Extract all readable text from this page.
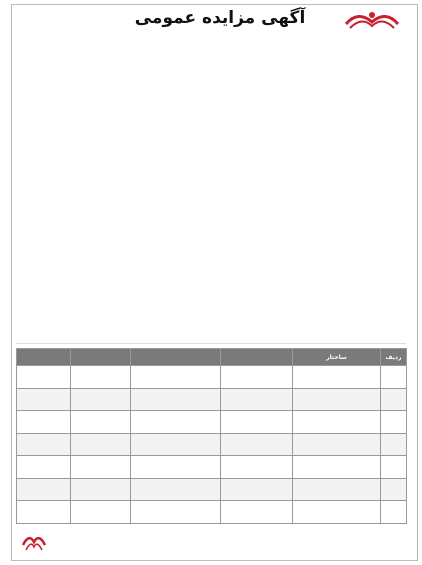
آگهی مزایده عمومی
ردیف	ساختار				
